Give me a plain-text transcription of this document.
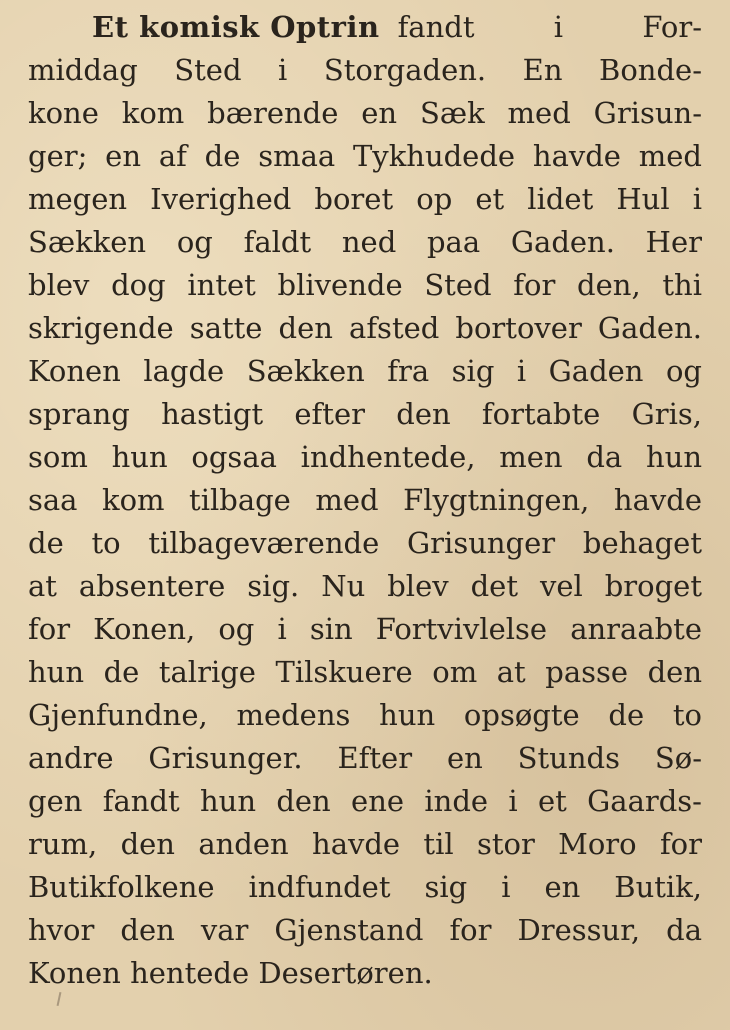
Et komisk Optrin fandt i For-
middag Sted i Storgaden. En Bonde-
kone kom bærende en Sæk med Grisun-
ger; en af de smaa Tykhudede havde med
megen Iverighed boret op et lidet Hul i
Sækken og faldt ned paa Gaden. Her
blev dog intet blivende Sted for den, thi
skrigende satte den afsted bortover Gaden.
Konen lagde Sækken fra sig i Gaden og
sprang hastigt efter den fortabte Gris,
som hun ogsaa indhentede, men da hun
saa kom tilbage med Flygtningen, havde
de to tilbageværende Grisunger behaget
at absentere sig. Nu blev det vel broget
for Konen, og i sin Fortvivlelse anraabte
hun de talrige Tilskuere om at passe den
Gjenfundne, medens hun opsøgte de to
andre Grisunger. Efter en Stunds Sø-
gen fandt hun den ene inde i et Gaards-
rum, den anden havde til stor Moro for
Butikfolkene indfundet sig i en Butik,
hvor den var Gjenstand for Dressur, da
Konen hentede Desertøren.
